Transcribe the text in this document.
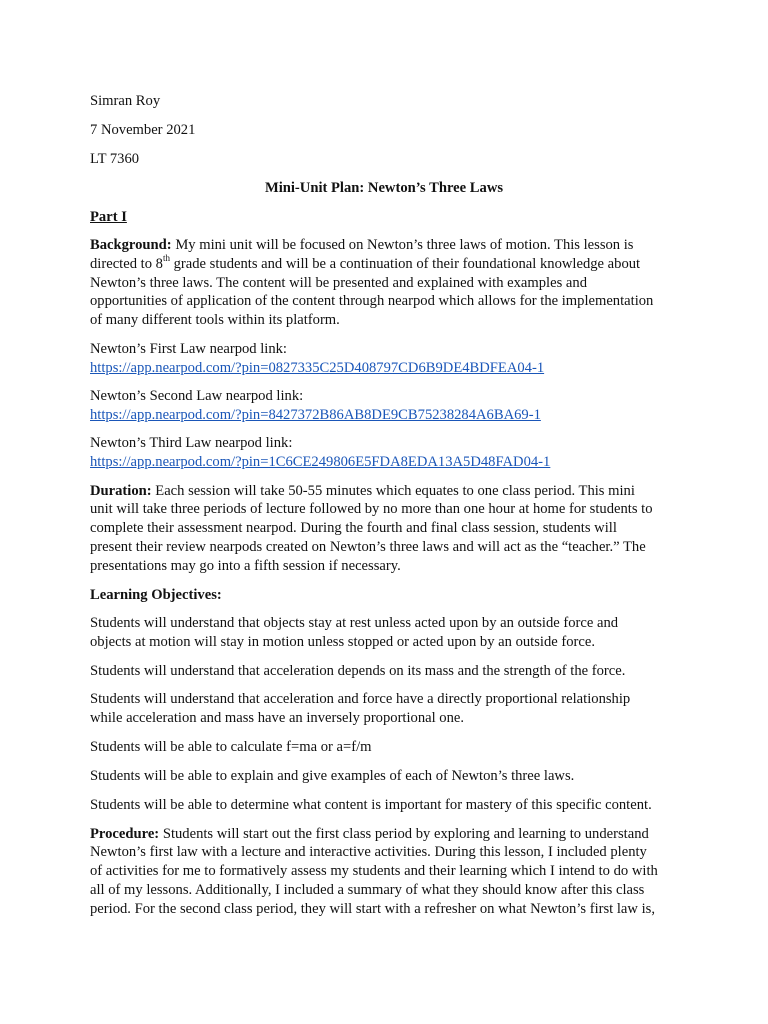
Simran Roy
7 November 2021
LT 7360
Mini-Unit Plan: Newton’s Three Laws
Part I
Background: My mini unit will be focused on Newton’s three laws of motion. This lesson is
directed to 8th grade students and will be a continuation of their foundational knowledge about
Newton’s three laws. The content will be presented and explained with examples and
opportunities of application of the content through nearpod which allows for the implementation
of many different tools within its platform.
Newton’s First Law nearpod link:
https://app.nearpod.com/?pin=0827335C25D408797CD6B9DE4BDFEA04-1
Newton’s Second Law nearpod link:
https://app.nearpod.com/?pin=8427372B86AB8DE9CB75238284A6BA69-1
Newton’s Third Law nearpod link:
https://app.nearpod.com/?pin=1C6CE249806E5FDA8EDA13A5D48FAD04-1
Duration: Each session will take 50-55 minutes which equates to one class period. This mini
unit will take three periods of lecture followed by no more than one hour at home for students to
complete their assessment nearpod. During the fourth and final class session, students will
present their review nearpods created on Newton’s three laws and will act as the “teacher.” The
presentations may go into a fifth session if necessary.
Learning Objectives:
Students will understand that objects stay at rest unless acted upon by an outside force and
objects at motion will stay in motion unless stopped or acted upon by an outside force.
Students will understand that acceleration depends on its mass and the strength of the force.
Students will understand that acceleration and force have a directly proportional relationship
while acceleration and mass have an inversely proportional one.
Students will be able to calculate f=ma or a=f/m
Students will be able to explain and give examples of each of Newton’s three laws.
Students will be able to determine what content is important for mastery of this specific content.
Procedure: Students will start out the first class period by exploring and learning to understand
Newton’s first law with a lecture and interactive activities. During this lesson, I included plenty
of activities for me to formatively assess my students and their learning which I intend to do with
all of my lessons. Additionally, I included a summary of what they should know after this class
period. For the second class period, they will start with a refresher on what Newton’s first law is,
